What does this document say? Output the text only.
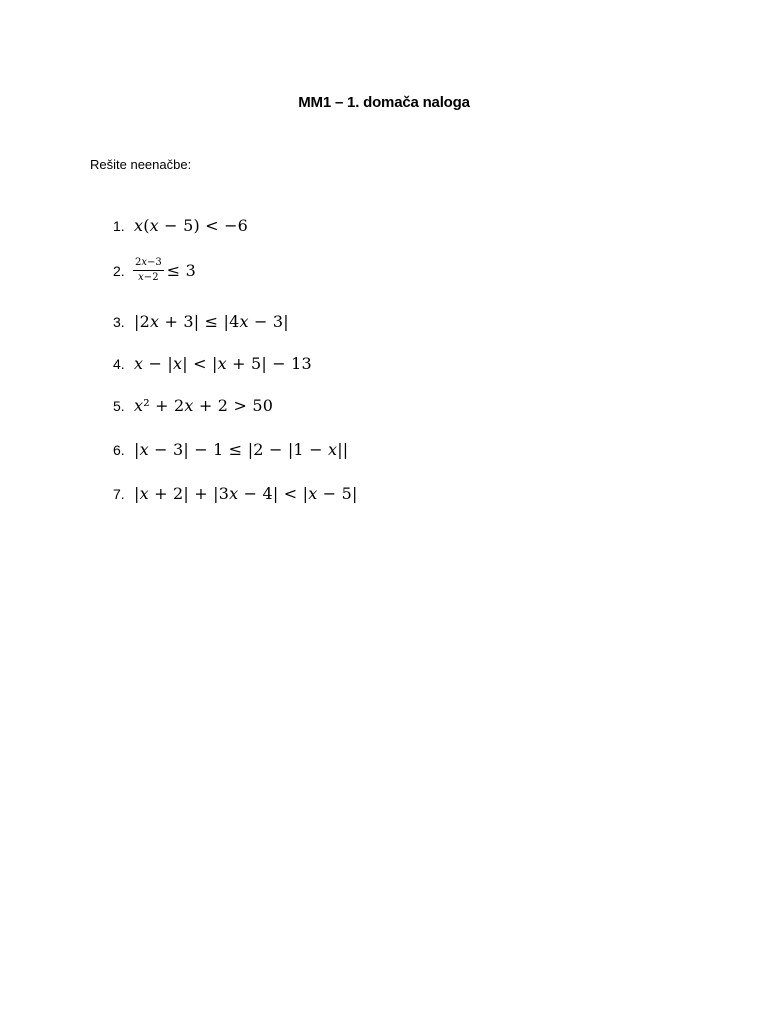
MM1 – 1. domača naloga
Rešite neenačbe:
1. 𝑥(𝑥 − 5) < −6
2. $\frac{\text{2𝑥−3}}{\text{𝑥−2}} \le 3$
3. |2𝑥 + 3| ≤ |4𝑥 − 3|
4. 𝑥 − |𝑥| < |𝑥 + 5| − 13
5. 𝑥² + 2𝑥 + 2 > 50
6. |𝑥 − 3| − 1 ≤ |2 − |1 − 𝑥||
7. |𝑥 + 2| + |3𝑥 − 4| < |𝑥 − 5|
